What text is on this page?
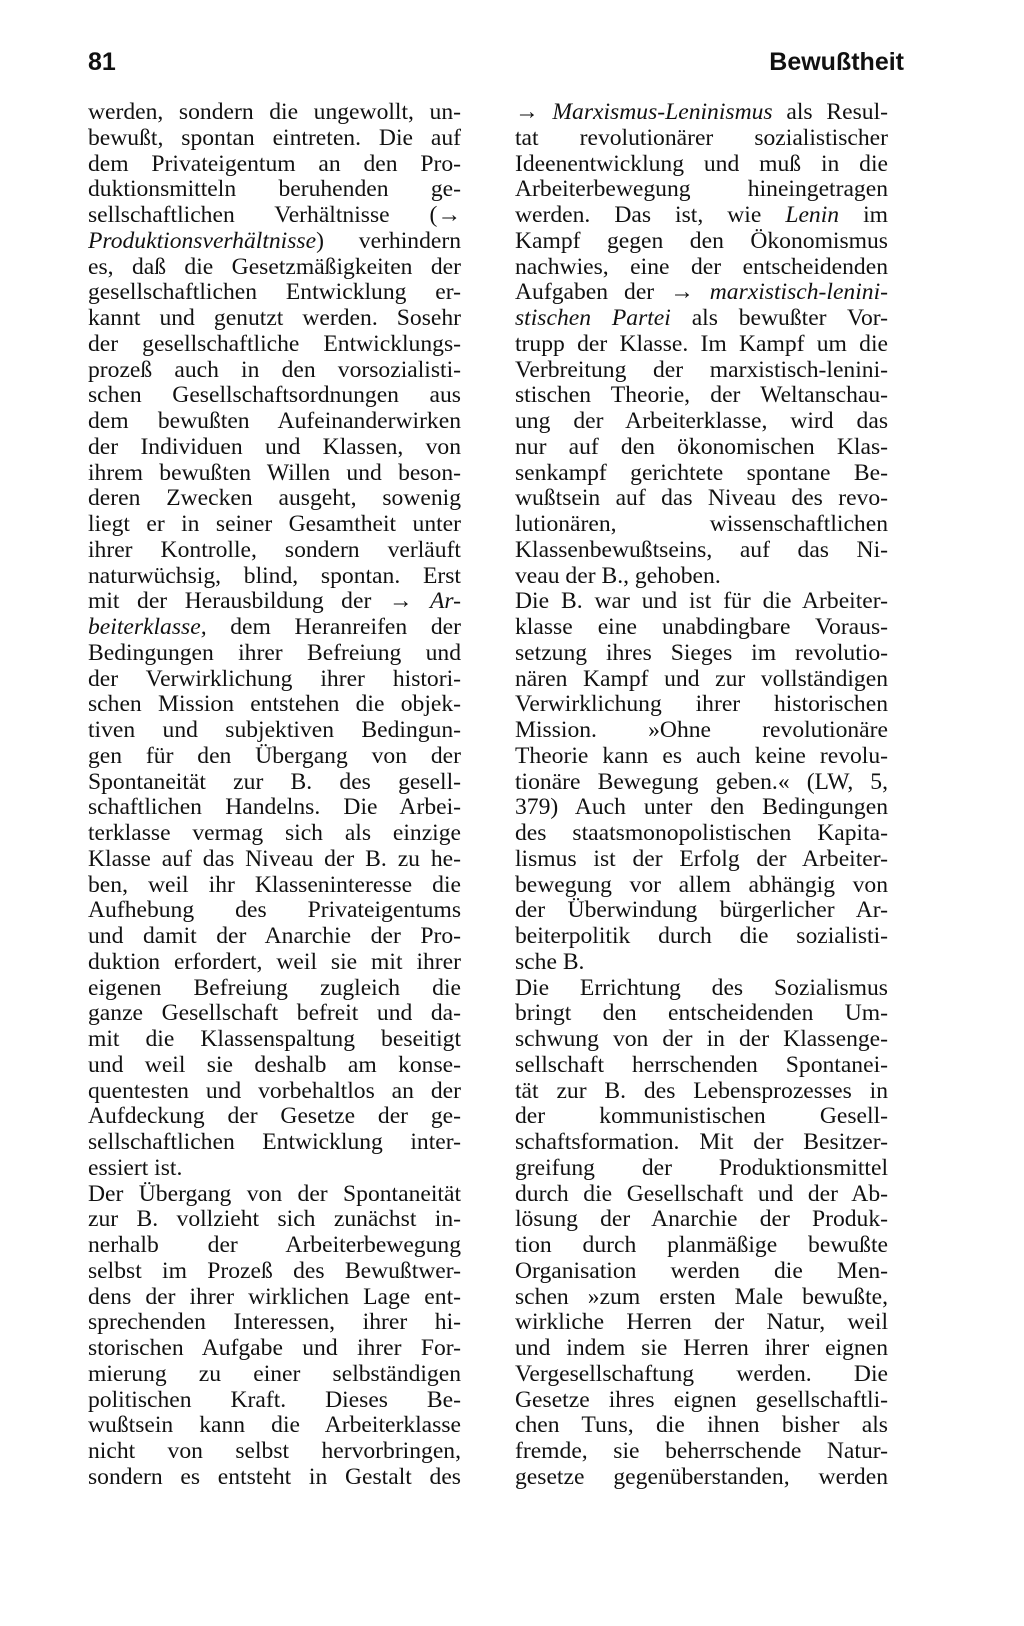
81	Bewußtheit
werden, sondern die ungewollt, un-
bewußt, spontan eintreten. Die auf
dem Privateigentum an den Pro-
duktionsmitteln beruhenden ge-
sellschaftlichen Verhältnisse (→
Produktionsverhältnisse) verhindern
es, daß die Gesetzmäßigkeiten der
gesellschaftlichen Entwicklung er-
kannt und genutzt werden. Sosehr
der gesellschaftliche Entwicklungs-
prozeß auch in den vorsozialisti-
schen Gesellschaftsordnungen aus
dem bewußten Aufeinanderwirken
der Individuen und Klassen, von
ihrem bewußten Willen und beson-
deren Zwecken ausgeht, sowenig
liegt er in seiner Gesamtheit unter
ihrer Kontrolle, sondern verläuft
naturwüchsig, blind, spontan. Erst
mit der Herausbildung der → Ar-
beiterklasse, dem Heranreifen der
Bedingungen ihrer Befreiung und
der Verwirklichung ihrer histori-
schen Mission entstehen die objek-
tiven und subjektiven Bedingun-
gen für den Übergang von der
Spontaneität zur B. des gesell-
schaftlichen Handelns. Die Arbei-
terklasse vermag sich als einzige
Klasse auf das Niveau der B. zu he-
ben, weil ihr Klasseninteresse die
Aufhebung des Privateigentums
und damit der Anarchie der Pro-
duktion erfordert, weil sie mit ihrer
eigenen Befreiung zugleich die
ganze Gesellschaft befreit und da-
mit die Klassenspaltung beseitigt
und weil sie deshalb am konse-
quentesten und vorbehaltlos an der
Aufdeckung der Gesetze der ge-
sellschaftlichen Entwicklung inter-
essiert ist.
Der Übergang von der Spontaneität
zur B. vollzieht sich zunächst in-
nerhalb der Arbeiterbewegung
selbst im Prozeß des Bewußtwer-
dens der ihrer wirklichen Lage ent-
sprechenden Interessen, ihrer hi-
storischen Aufgabe und ihrer For-
mierung zu einer selbständigen
politischen Kraft. Dieses Be-
wußtsein kann die Arbeiterklasse
nicht von selbst hervorbringen,
sondern es entsteht in Gestalt des
→ Marxismus-Leninismus als Resul-
tat revolutionärer sozialistischer
Ideenentwicklung und muß in die
Arbeiterbewegung hineingetragen
werden. Das ist, wie Lenin im
Kampf gegen den Ökonomismus
nachwies, eine der entscheidenden
Aufgaben der → marxistisch-lenini-
stischen Partei als bewußter Vor-
trupp der Klasse. Im Kampf um die
Verbreitung der marxistisch-lenini-
stischen Theorie, der Weltanschau-
ung der Arbeiterklasse, wird das
nur auf den ökonomischen Klas-
senkampf gerichtete spontane Be-
wußtsein auf das Niveau des revo-
lutionären, wissenschaftlichen
Klassenbewußtseins, auf das Ni-
veau der B., gehoben.
Die B. war und ist für die Arbeiter-
klasse eine unabdingbare Voraus-
setzung ihres Sieges im revolutio-
nären Kampf und zur vollständigen
Verwirklichung ihrer historischen
Mission. »Ohne revolutionäre
Theorie kann es auch keine revolu-
tionäre Bewegung geben.« (LW, 5,
379) Auch unter den Bedingungen
des staatsmonopolistischen Kapita-
lismus ist der Erfolg der Arbeiter-
bewegung vor allem abhängig von
der Überwindung bürgerlicher Ar-
beiterpolitik durch die sozialisti-
sche B.
Die Errichtung des Sozialismus
bringt den entscheidenden Um-
schwung von der in der Klassenge-
sellschaft herrschenden Spontanei-
tät zur B. des Lebensprozesses in
der kommunistischen Gesell-
schaftsformation. Mit der Besitzer-
greifung der Produktionsmittel
durch die Gesellschaft und der Ab-
lösung der Anarchie der Produk-
tion durch planmäßige bewußte
Organisation werden die Men-
schen »zum ersten Male bewußte,
wirkliche Herren der Natur, weil
und indem sie Herren ihrer eignen
Vergesellschaftung werden. Die
Gesetze ihres eignen gesellschaftli-
chen Tuns, die ihnen bisher als
fremde, sie beherrschende Natur-
gesetze gegenüberstanden, werden
